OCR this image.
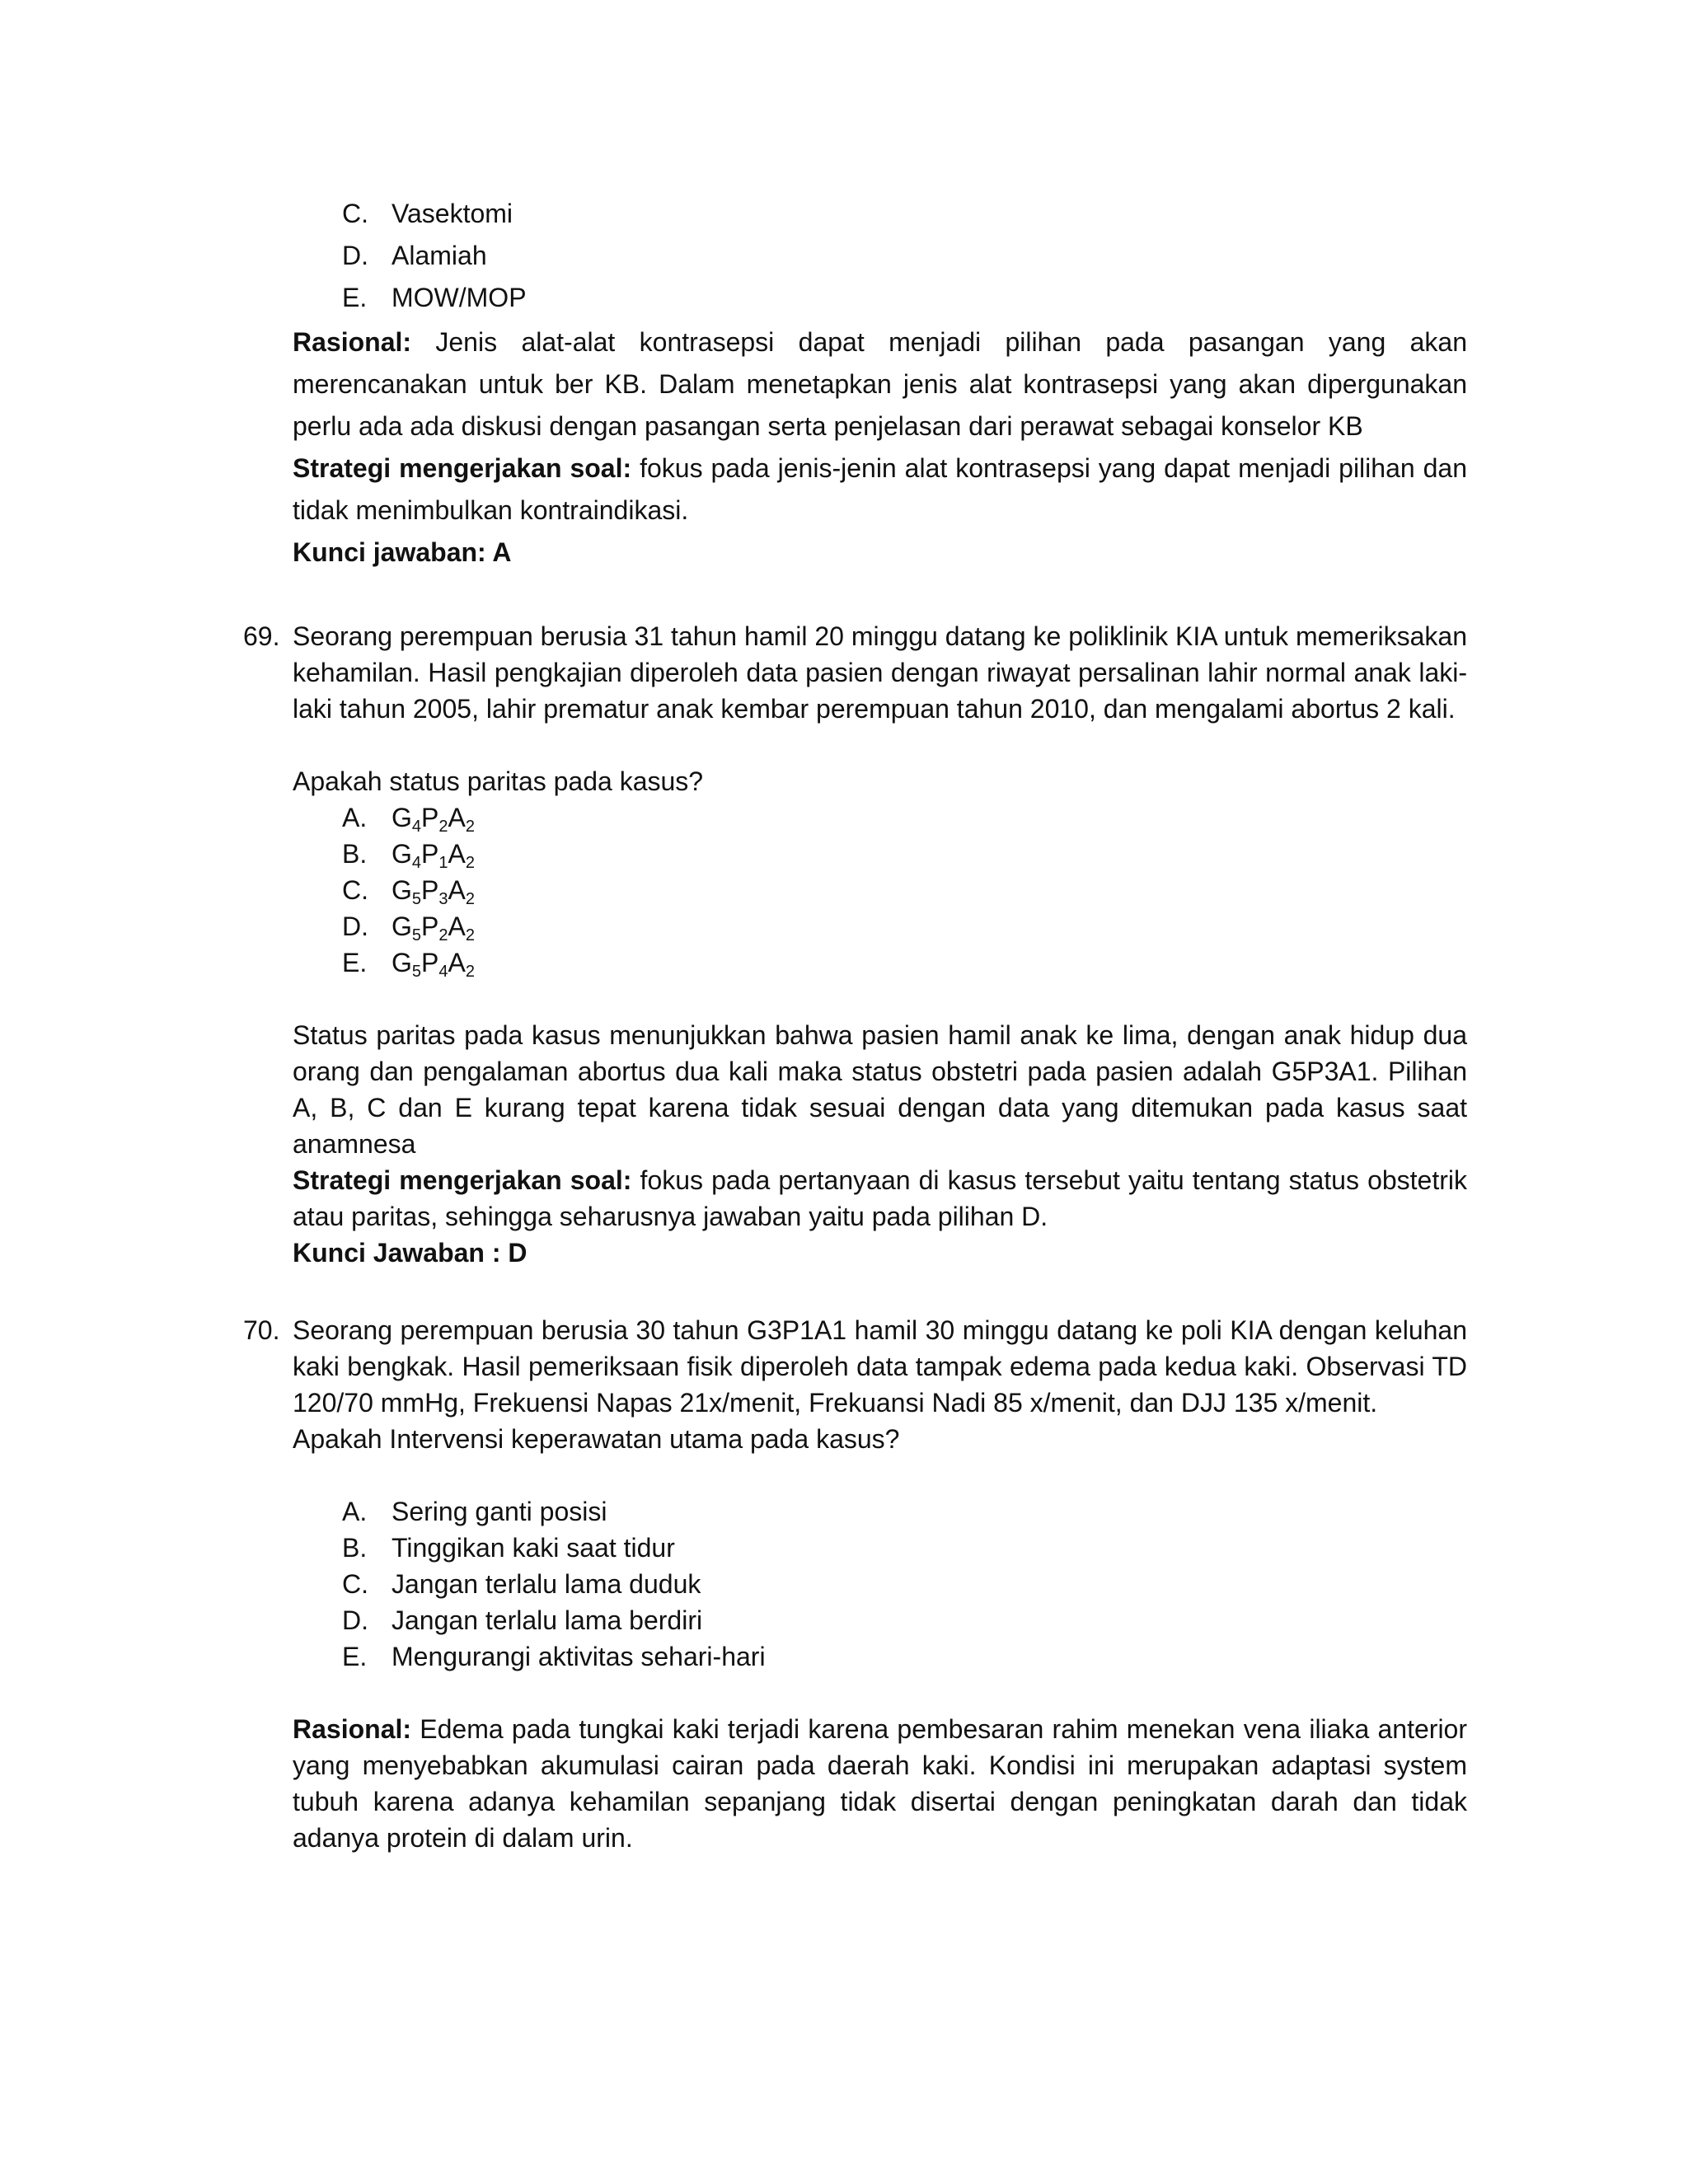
C. Vasektomi
D. Alamiah
E. MOW/MOP
Rasional: Jenis alat-alat kontrasepsi dapat menjadi pilihan pada pasangan yang akan merencanakan untuk ber KB. Dalam menetapkan jenis alat kontrasepsi yang akan dipergunakan perlu ada ada diskusi dengan pasangan serta penjelasan dari perawat sebagai konselor KB
Strategi mengerjakan soal: fokus pada jenis-jenin alat kontrasepsi yang dapat menjadi pilihan dan tidak menimbulkan kontraindikasi.
Kunci jawaban: A
69. Seorang perempuan berusia 31 tahun hamil 20 minggu datang ke poliklinik KIA untuk memeriksakan kehamilan. Hasil pengkajian diperoleh data pasien dengan riwayat persalinan lahir normal anak laki-laki tahun 2005, lahir prematur anak kembar perempuan tahun 2010, dan mengalami abortus 2 kali.
Apakah status paritas pada kasus?
A. $G_4P_2A_2$
B. $G_4P_1A_2$
C. $G_5P_3A_2$
D. $G_5P_2A_2$
E. $G_5P_4A_2$
Status paritas pada kasus menunjukkan bahwa pasien hamil anak ke lima, dengan anak hidup dua orang dan pengalaman abortus dua kali maka status obstetri pada pasien adalah G5P3A1. Pilihan A, B, C dan E kurang tepat karena tidak sesuai dengan data yang ditemukan pada kasus saat anamnesa
Strategi mengerjakan soal: fokus pada pertanyaan di kasus tersebut yaitu tentang status obstetrik atau paritas, sehingga seharusnya jawaban yaitu pada pilihan D.
Kunci Jawaban : D
70. Seorang perempuan berusia 30 tahun G3P1A1 hamil 30 minggu datang ke poli KIA dengan keluhan kaki bengkak. Hasil pemeriksaan fisik diperoleh data tampak edema pada kedua kaki. Observasi TD 120/70 mmHg, Frekuensi Napas 21x/menit, Frekuansi Nadi 85 x/menit, dan DJJ 135 x/menit.
Apakah Intervensi keperawatan utama pada kasus?
A. Sering ganti posisi
B. Tinggikan kaki saat tidur
C. Jangan terlalu lama duduk
D. Jangan terlalu lama berdiri
E. Mengurangi aktivitas sehari-hari
Rasional: Edema pada tungkai kaki terjadi karena pembesaran rahim menekan vena iliaka anterior yang menyebabkan akumulasi cairan pada daerah kaki. Kondisi ini merupakan adaptasi system tubuh karena adanya kehamilan sepanjang tidak disertai dengan peningkatan darah dan tidak adanya protein di dalam urin.
